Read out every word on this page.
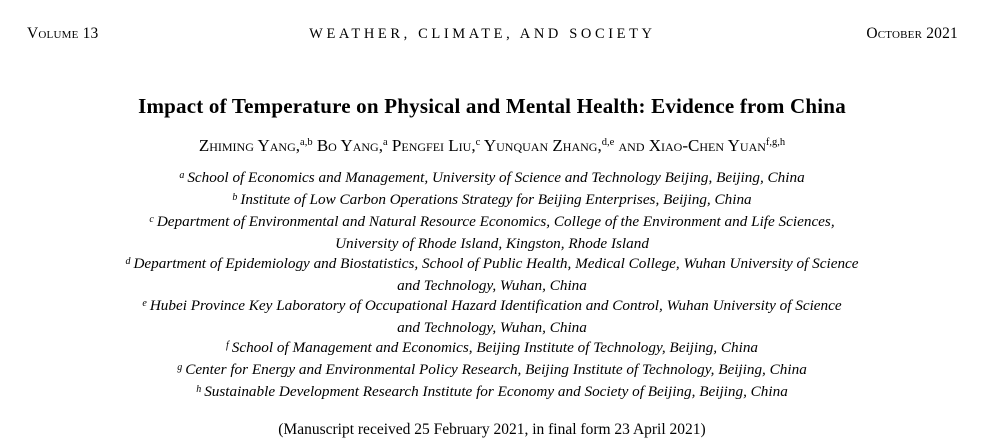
Volume 13	WEATHER, CLIMATE, AND SOCIETY	October 2021
Impact of Temperature on Physical and Mental Health: Evidence from China
Zhiming Yang,$^{a,b}$ Bo Yang,$^a$ Pengfei Liu,$^c$ Yunquan Zhang,$^{d,e}$ and Xiao-Chen Yuan$^{f,g,h}$
$^a$ School of Economics and Management, University of Science and Technology Beijing, Beijing, China
$^b$ Institute of Low Carbon Operations Strategy for Beijing Enterprises, Beijing, China
$^c$ Department of Environmental and Natural Resource Economics, College of the Environment and Life Sciences,
University of Rhode Island, Kingston, Rhode Island
$^d$ Department of Epidemiology and Biostatistics, School of Public Health, Medical College, Wuhan University of Science
and Technology, Wuhan, China
$^e$ Hubei Province Key Laboratory of Occupational Hazard Identification and Control, Wuhan University of Science
and Technology, Wuhan, China
$^f$ School of Management and Economics, Beijing Institute of Technology, Beijing, China
$^g$ Center for Energy and Environmental Policy Research, Beijing Institute of Technology, Beijing, China
$^h$ Sustainable Development Research Institute for Economy and Society of Beijing, Beijing, China
(Manuscript received 25 February 2021, in final form 23 April 2021)
